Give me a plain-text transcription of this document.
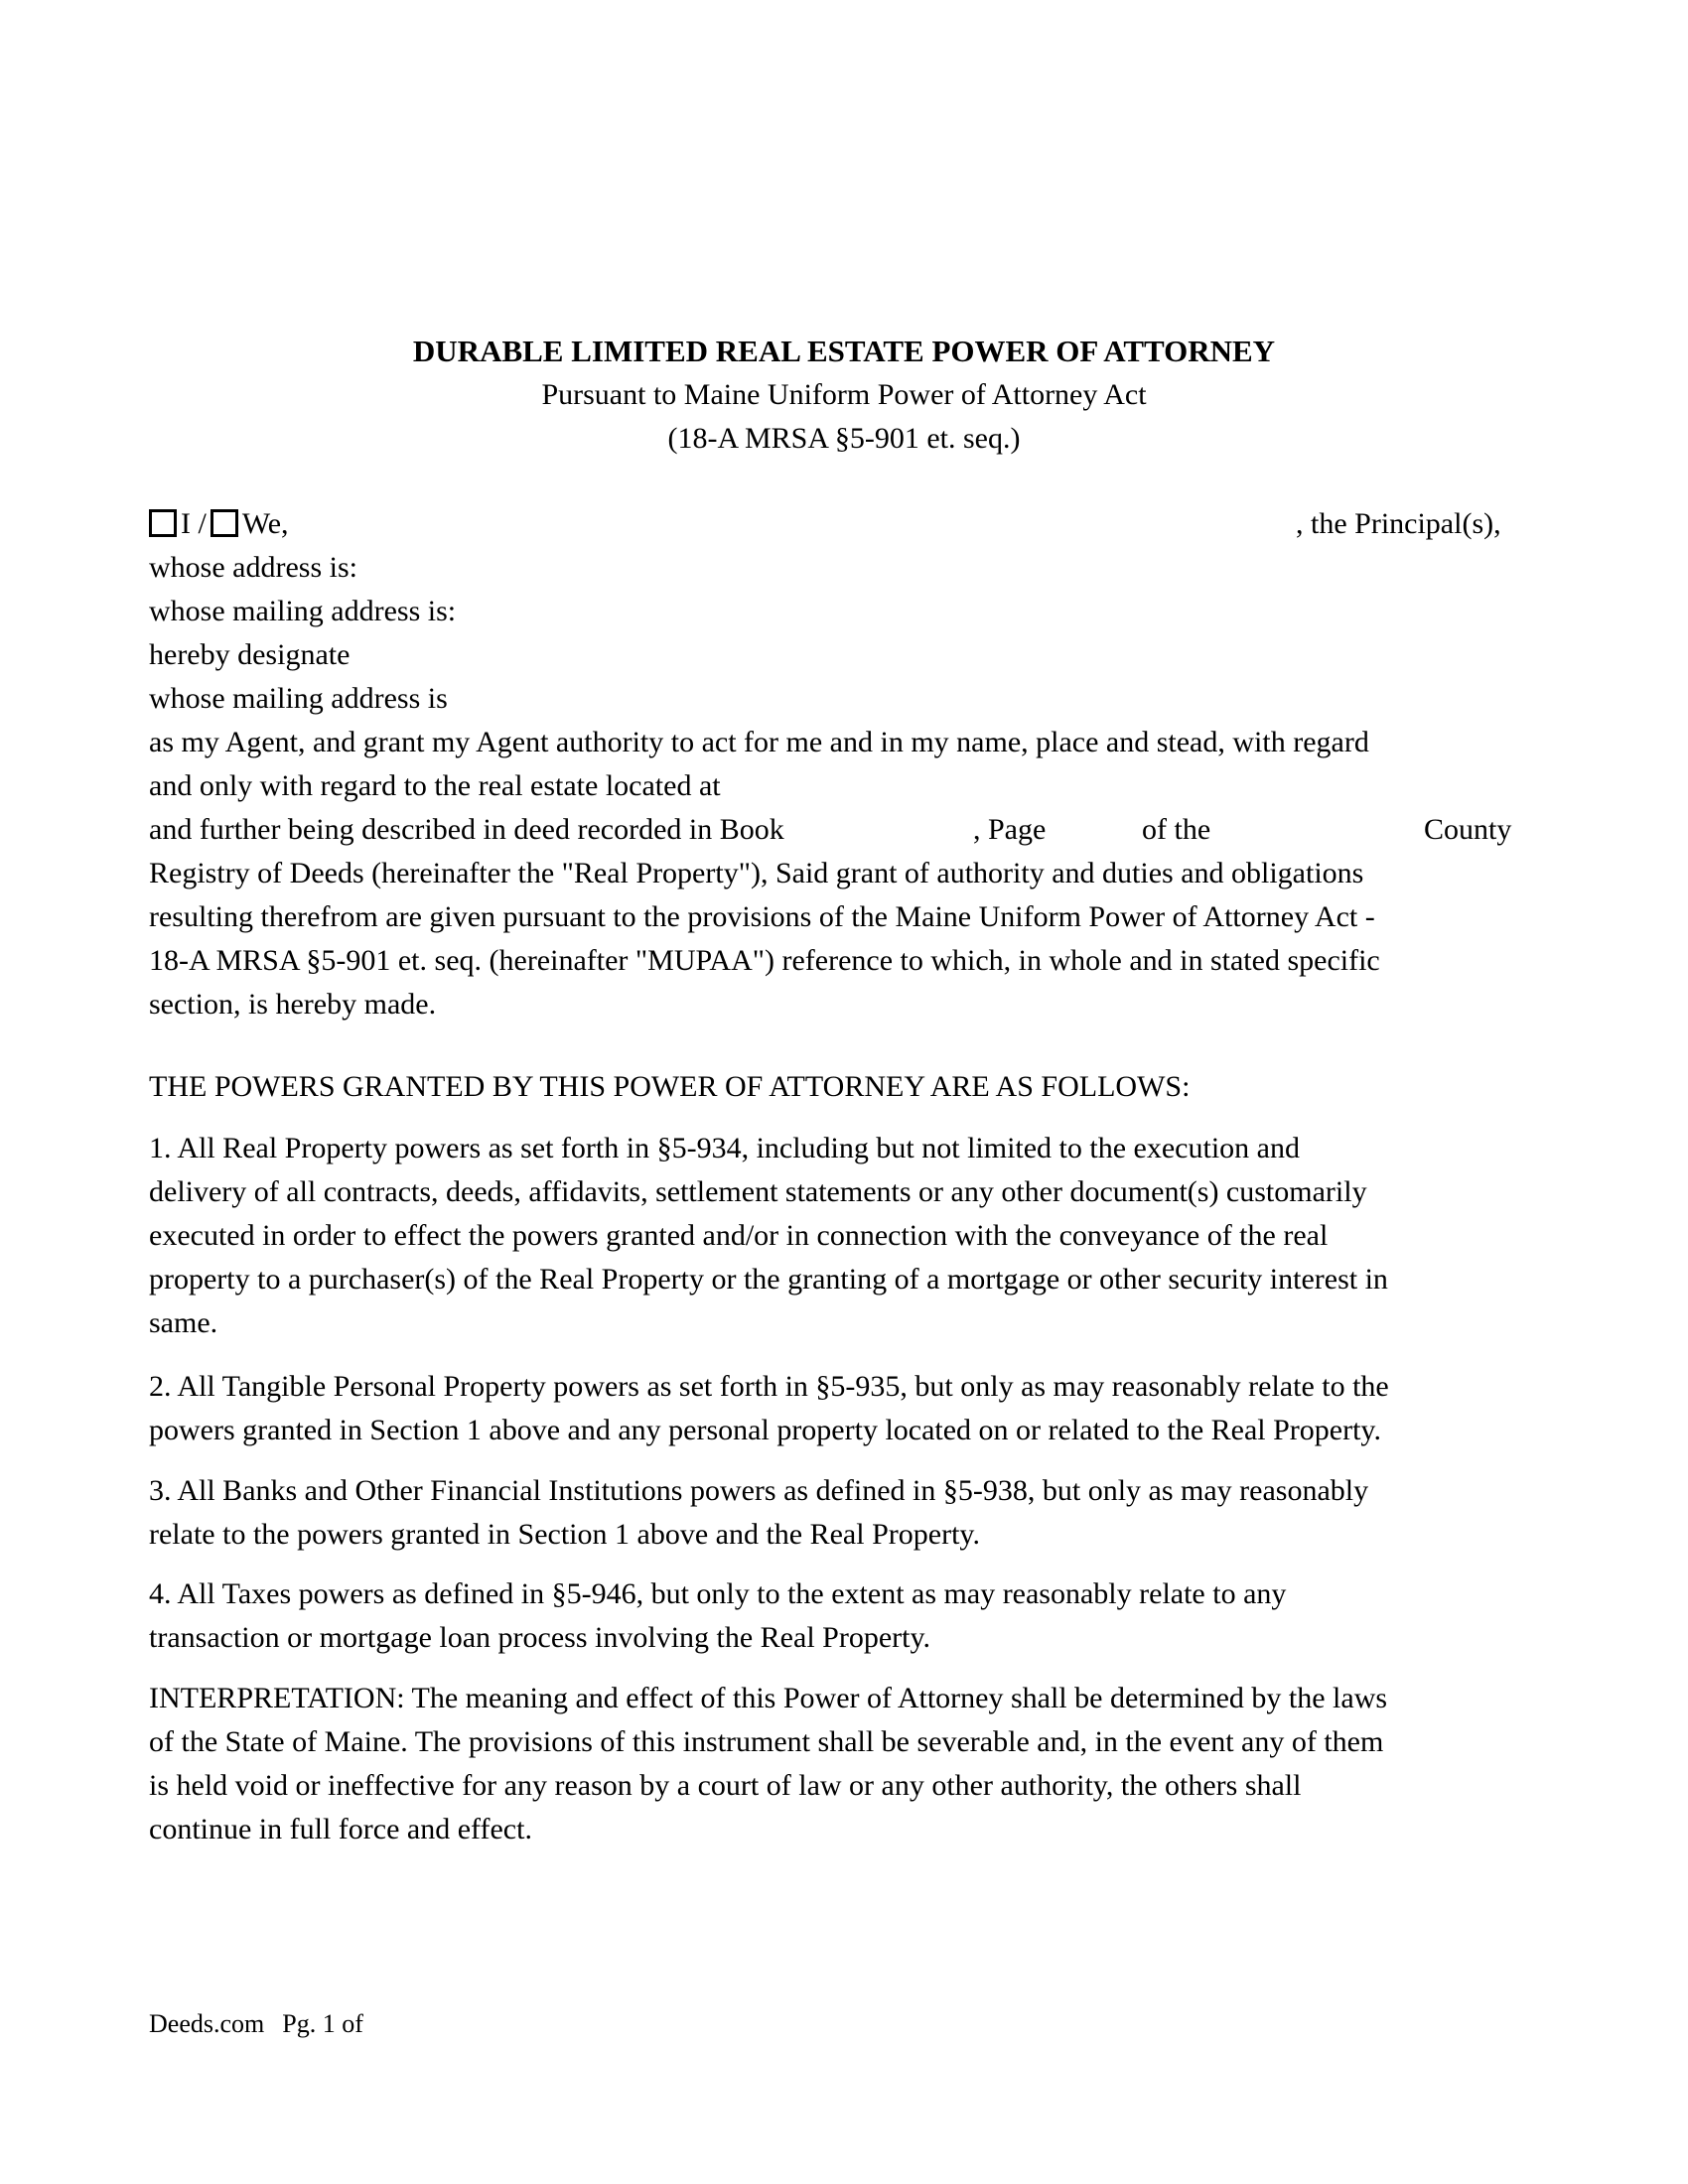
DURABLE LIMITED REAL ESTATE POWER OF ATTORNEY
Pursuant to Maine Uniform Power of Attorney Act
(18-A MRSA §5-901 et. seq.)
I / We,	, the Principal(s),
whose address is:
whose mailing address is:
hereby designate
whose mailing address is
as my Agent, and grant my Agent authority to act for me and in my name, place and stead, with regard
and only with regard to the real estate located at
and further being described in deed recorded in Book	, Page	of the	County
Registry of Deeds (hereinafter the "Real Property"), Said grant of authority and duties and obligations
resulting therefrom are given pursuant to the provisions of the Maine Uniform Power of Attorney Act -
18-A MRSA §5-901 et. seq. (hereinafter "MUPAA") reference to which, in whole and in stated specific
section, is hereby made.
THE POWERS GRANTED BY THIS POWER OF ATTORNEY ARE AS FOLLOWS:
1. All Real Property powers as set forth in §5-934, including but not limited to the execution and
delivery of all contracts, deeds, affidavits, settlement statements or any other document(s) customarily
executed in order to effect the powers granted and/or in connection with the conveyance of the real
property to a purchaser(s) of the Real Property or the granting of a mortgage or other security interest in
same.
2. All Tangible Personal Property powers as set forth in §5-935, but only as may reasonably relate to the
powers granted in Section 1 above and any personal property located on or related to the Real Property.
3. All Banks and Other Financial Institutions powers as defined in §5-938, but only as may reasonably
relate to the powers granted in Section 1 above and the Real Property.
4. All Taxes powers as defined in §5-946, but only to the extent as may reasonably relate to any
transaction or mortgage loan process involving the Real Property.
INTERPRETATION: The meaning and effect of this Power of Attorney shall be determined by the laws
of the State of Maine. The provisions of this instrument shall be severable and, in the event any of them
is held void or ineffective for any reason by a court of law or any other authority, the others shall
continue in full force and effect.
Deeds.com Pg. 1 of
